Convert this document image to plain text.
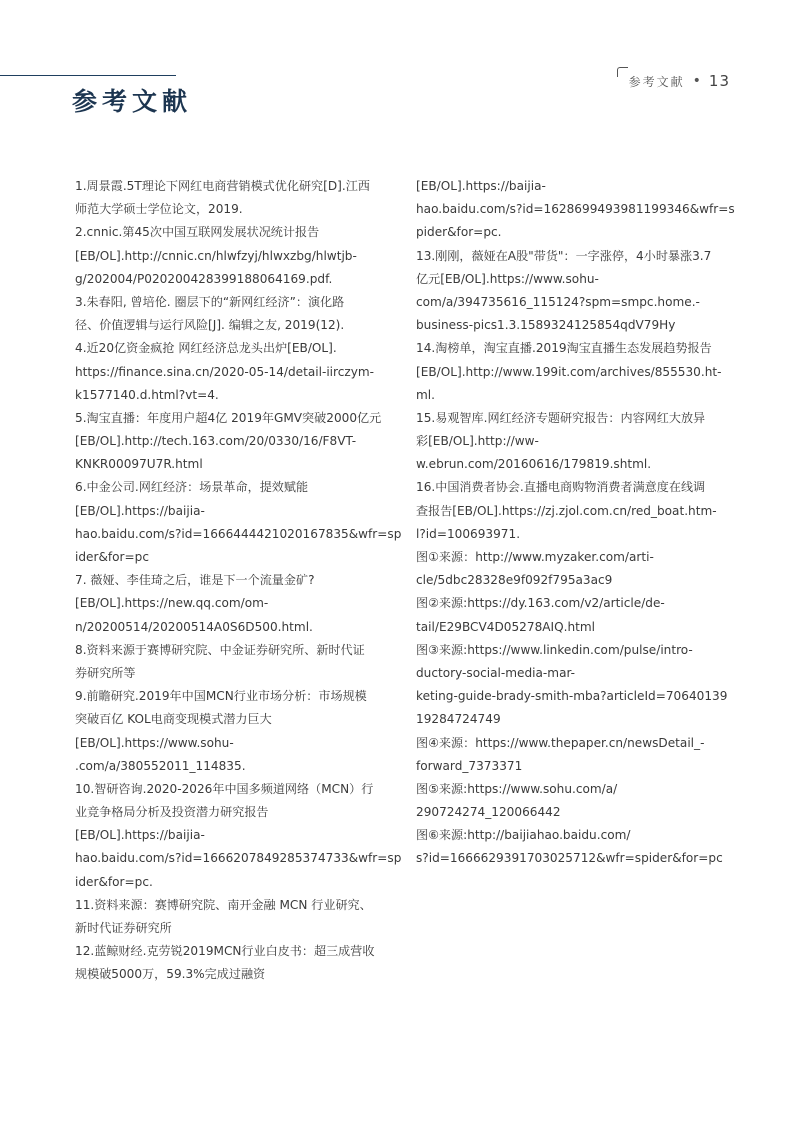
参考文献
参考文献 • 13
1.周景霞.5T理论下网红电商营销模式优化研究[D].江西
师范大学硕士学位论文，2019.
2.cnnic.第45次中国互联网发展状况统计报告
[EB/OL].http://cnnic.cn/hlwfzyj/hlwxzbg/hlwtjb-
g/202004/P020200428399188064169.pdf.
3.朱春阳, 曾培伦. 圈层下的“新网红经济”：演化路
径、价值逻辑与运行风险[J]. 编辑之友, 2019(12).
4.近20亿资金疯抢 网红经济总龙头出炉[EB/OL].
https://finance.sina.cn/2020-05-14/detail-iirczym-
k1577140.d.html?vt=4.
5.淘宝直播：年度用户超4亿 2019年GMV突破2000亿元
[EB/OL].http://tech.163.com/20/0330/16/F8VT-
KNKR00097U7R.html
6.中金公司.网红经济：场景革命，提效赋能
[EB/OL].https://baijia-
hao.baidu.com/s?id=1666444421020167835&wfr=sp
ider&for=pc
7. 薇娅、李佳琦之后，谁是下一个流量金矿?
[EB/OL].https://new.qq.com/om-
n/20200514/20200514A0S6D500.html.
8.资料来源于赛博研究院、中金证券研究所、新时代证
券研究所等
9.前瞻研究.2019年中国MCN行业市场分析：市场规模
突破百亿 KOL电商变现模式潜力巨大
[EB/OL].https://www.sohu-
.com/a/380552011_114835.
10.智研咨询.2020-2026年中国多频道网络（MCN）行
业竞争格局分析及投资潜力研究报告
[EB/OL].https://baijia-
hao.baidu.com/s?id=1666207849285374733&wfr=sp
ider&for=pc.
11.资料来源：赛博研究院、南开金融 MCN 行业研究、
新时代证券研究所
12.蓝鲸财经.克劳锐2019MCN行业白皮书：超三成营收
规模破5000万，59.3%完成过融资
[EB/OL].https://baijia-
hao.baidu.com/s?id=1628699493981199346&wfr=s
pider&for=pc.
13.刚刚，薇娅在A股"带货"：一字涨停，4小时暴涨3.7
亿元[EB/OL].https://www.sohu-
com/a/394735616_115124?spm=smpc.home.-
business-pics1.3.1589324125854qdV79Hy
14.淘榜单，淘宝直播.2019淘宝直播生态发展趋势报告
[EB/OL].http://www.199it.com/archives/855530.ht-
ml.
15.易观智库.网红经济专题研究报告：内容网红大放异
彩[EB/OL].http://ww-
w.ebrun.com/20160616/179819.shtml.
16.中国消费者协会.直播电商购物消费者满意度在线调
查报告[EB/OL].https://zj.zjol.com.cn/red_boat.htm-
l?id=100693971.
图①来源：http://www.myzaker.com/arti-
cle/5dbc28328e9f092f795a3ac9
图②来源:https://dy.163.com/v2/article/de-
tail/E29BCV4D05278AIQ.html
图③来源:https://www.linkedin.com/pulse/intro-
ductory-social-media-mar-
keting-guide-brady-smith-mba?articleId=70640139
19284724749
图④来源：https://www.thepaper.cn/newsDetail_-
forward_7373371
图⑤来源:https://www.sohu.com/a/
290724274_120066442
图⑥来源:http://baijiahao.baidu.com/
s?id=1666629391703025712&wfr=spider&for=pc
